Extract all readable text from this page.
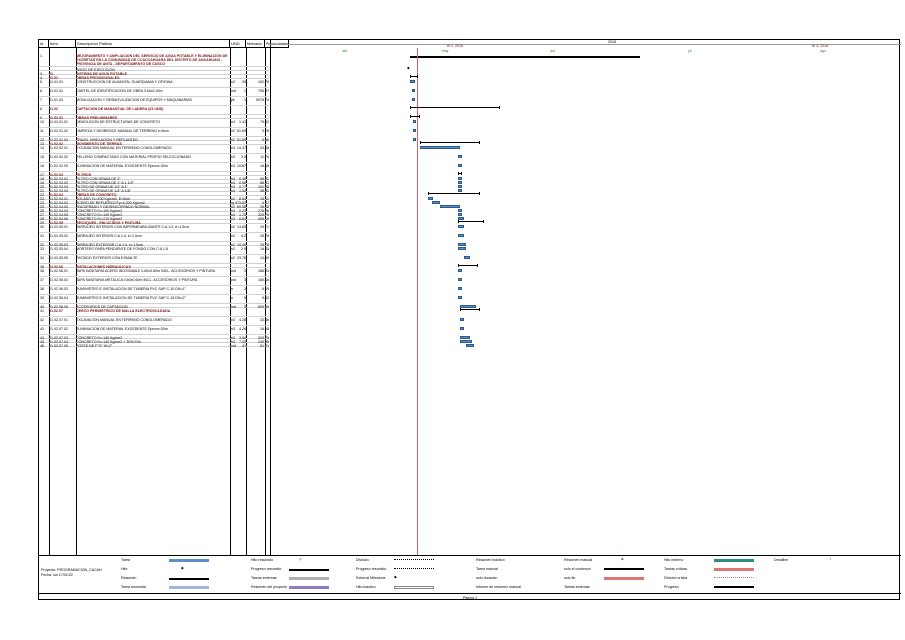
Id	Item	Descripción Partida	UND	Metrado	Precio Unitario
1	MEJORAMIENTO Y AMPLIACION DEL SERVICIO DE AGUA POTABLE Y ELIMINACION DE EXCRETAS EN LA COMUNIDAD DE CCACCAHUARA DEL DISTRITO DE ANCAHUASI - PROVINCIA DE ANTA - DEPARTAMENTO DE CUSCO
INICIO DE EJECUCIÓN
3	01	SISTEMA DE AGUA POTABLE
4	01.01	OBRAS PROVISIONALES
5	01.01.01	CONSTRUCCION DE ALMACEN, GUARDIANIA Y OFICINA	m2	30	162.78
6	01.01.02	CARTEL DE IDENTIFICACION DE OBRA 3.60x2.40m	und	1	755.87
7	01.01.03	MOVILIZACION Y DESMOVILIZACION DE EQUIPOS Y MAQUINARIAS	glb	1	5976.74
8	01.02	CAPTACION DE MANANTIAL DE LADERA (03 UND)
9	01.02.01	OBRAS PRELIMINARES
10	01.02.01.01	DEMOLICION DE ESTRUCTURAS DE CONCRETO	m3	1.41	79.53
11	01.02.01.02	LIMPIEZA Y DESBROCE MANUAL DE TERRENO e=5cm	m2 51.69	0.78
12	01.02.01.03	TRAZO, NIVELACION Y REPLANTEO	m2 51.69	0.86
13	01.02.02	MOVIMIENTO DE TIERRAS
14	01.02.02.01	EXCAVACION MANUAL EN TERRENO CONGLOMERADO	m3 14.37	33.36
15	01.02.02.02	RELLENO COMPACTADO CON MATERIAL PROPIO SELECCIONADO	m3	3.5	11.79
16	01.02.02.03	ELIMINACION DE MATERIAL EXCEDENTE Dprom=30m	m3 10.87	16.68
17	01.02.03	FILTROS
18	01.02.03.01	FILTRO CON GRAVA DE 2"	m3	0.45	98.81
19	01.02.03.02	FILTRO CON GRAVA DE 1" A 1 1/2"	m3	0.56	98.81
20	01.02.03.03	FILTRO DE GRAVA DE 1/2" A 1"	m3	0.77	101.08
21	01.02.03.04	FILTRO DE GRAVA DE 1/4" A 1/8"	m3	1.54	98.81
22	01.02.04	OBRAS DE CONCRETO
23	01.02.04.01	SOLADO f'c=100 Kg/cm2, E=5cm	m2	8.64	25.11
24	01.02.04.02	ACERO DE REFUERZO Fy=4,200 Kg/cm2	kg 473.83	4.47
25	01.02.04.03	ENCOFRADO Y DESENCOFRADO NORMAL	m2 69.58	39.28
26	01.02.04.04	CONCRETO f'c=100 Kg/cm2	m3	0.23	276.26
27	01.02.04.05	CONCRETO f'c=140 Kg/cm2	m3	1.75	329.79
28	01.02.04.06	CONCRETO f'c=210 Kg/cm2	m3	8.84	455.19
29	01.02.05	REVOQUES , ENLUCIDOS Y PINTURA
30	01.02.05.01	TARRAJEO INTERIOR CON IMPERMEABILIZANTE C:A 1:2, e=1.5cm	m2 13.83	29.71
31	01.02.05.02	TARRAJEO INTERIOR C:A 1:4, e=1.5cm	m2	4.2	25.78
32	01.02.05.03	TARRAJEO EXTERIOR C:A 1:4, e=1.5cm	m2 19.46	25.78
33	01.02.05.04	MORTERO PARA PENDIENTE DE FONDO CON C:A 1:5	m2	2.9	18.45
34	01.02.05.05	PINTADO EXTERIOR CON ESMALTE	m2 23.76	14.55
35	01.02.06	INSTALACIONES HIDRAULICAS
36	01.02.06.01	TAPA SANITARIA ACERO INOXIDABLE 0.60x0.60m INCL. ACCESORIOS Y PINTURA	und	3	186.63
37	01.02.06.02	TAPA SANITARIA METALICA 0.60x0.60m INCL. ACCESORIOS Y PINTURA	und	3	160.16
38	01.02.06.03	SUMINISTRO E INSTALACION DE TUBERIA PVC SAP C-10 DN=1"	m	3	6.49
39	01.02.06.04	SUMINISTRO E INSTALACION DE TUBERIA PVC SAP C-10 DN=2"	m	9	9.33
40	01.02.06.05	ACCESORIOS DE CAPTACION	und	3	505.09
41	01.02.07	CERCO PERIMETRICO DE MALLA ELECTROSOLDADA
42	01.02.07.01	EXCAVACION MANUAL EN TERRENO CONGLOMERADO	m3	4.28	33.36
43	01.02.07.02	ELIMINACION DE MATERIAL EXCEDENTE Dprom=30m	m3	4.28	16.68
44	01.02.07.03	CONCRETO f'c=140 Kg/cm2	m3	3.94	329.79
45	01.02.07.04	CONCRETO f'c=140 Kg/cm2 + 30% P.M.	m3	7.43	249.85
46	01.02.07.05	POSTE DE F°G° Ø=2"	und	41	81.01
2018
tri 2, 2018	tri 3, 2018
abr	may	jun	jul	ago
◆
Proyecto: PROGRAMACION_CACAH
Fecha: lun 17/01/22
Tarea
Hito
Resumen
Tarea resumida
◆
Hito resumido
Progreso resumido
Tareas externas
Resumen del proyecto
◇	División
Progreso resumido
External Milestone
Hito inactivo
◆
Resumen inactivo
Tarea manual
solo duración
Informe de resumen manual
Resumen manual
solo el comienzo
solo fin
Tareas externas
◆	Hito externo
Tareas críticas
División crítica
Progreso
Deadline	⇩
Página 1
